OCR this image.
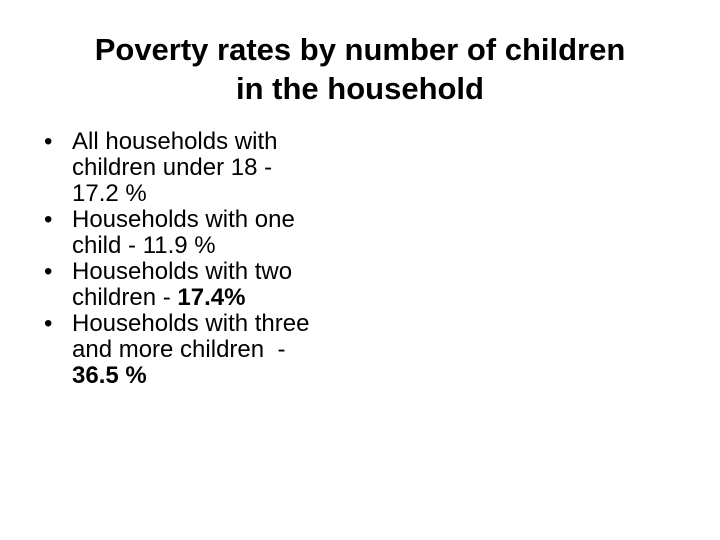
Poverty rates by number of children
in the household
• All households with
children under 18 -
17.2 %
• Households with one
child - 11.9 %
• Households with two
children - 17.4%
• Households with three
and more children  -
36.5 %
